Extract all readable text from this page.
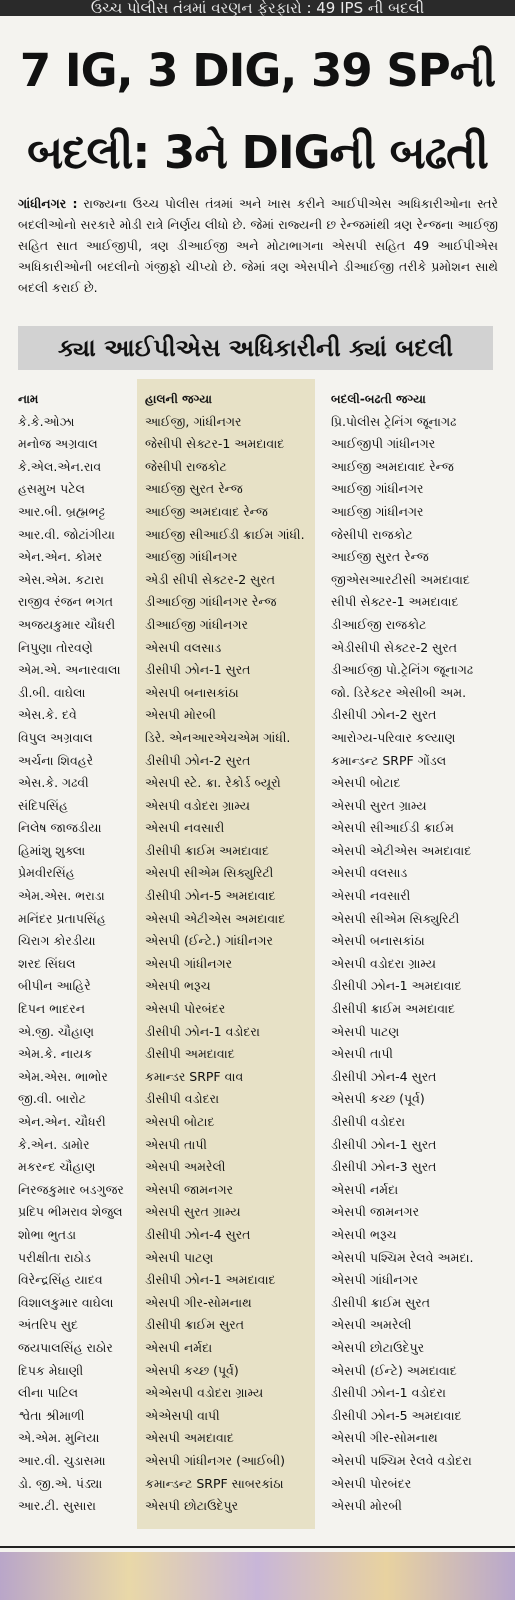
ઉચ્ચ પોલીસ તંત્રમાં વરણન ફેરફારો : 49 IPS ની બદલી
7 IG, 3 DIG, 39 SPની
બદલી: 3ને DIGની બઢતી
ગાંધીનગર : રાજ્યના ઉચ્ચ પોલીસ તંત્રમાં અને ખાસ કરીને આઈપીએસ અધિકારીઓના સ્તરે બદલીઓનો સરકારે મોડી રાત્રે નિર્ણય લીધો છે. જેમાં રાજ્યની છ રેન્જમાંથી ત્રણ રેન્જના આઈજી સહિત સાત આઈજીપી, ત્રણ ડીઆઈજી અને મોટાભાગના એસપી સહિત 49 આઈપીએસ અધિકારીઓની બદલીનો ગંજીફો ચીપ્યો છે. જેમાં ત્રણ એસપીને ડીઆઈજી તરીકે પ્રમોશન સાથે બદલી કરાઈ છે.
ક્યા આઈપીએસ અધિકારીની ક્યાં બદલી
નામ	હાલની જગ્યા	બદલી-બઢતી જગ્યા
કે.કે.ઓઝા	આઈજી, ગાંધીનગર	પ્રિ.પોલીસ ટ્રેનિંગ જૂનાગઢ
મનોજ અગ્રવાલ	જેસીપી સેક્ટર-1 અમદાવાદ	આઈજીપી ગાંધીનગર
કે.એલ.એન.રાવ	જેસીપી રાજકોટ	આઈજી અમદાવાદ રેન્જ
હસમુખ પટેલ	આઈજી સુરત રેન્જ	આઈજી ગાંધીનગર
આર.બી. બ્રહ્મભટ્ટ	આઈજી અમદાવાદ રેન્જ	આઈજી ગાંધીનગર
આર.વી. જોટાંગીયા	આઈજી સીઆઈડી ક્રાઈમ ગાંધી.	જેસીપી રાજકોટ
એન.એન. કોમર	આઈજી ગાંધીનગર	આઈજી સુરત રેન્જ
એસ.એમ. કટારા	એડી સીપી સેક્ટર-2 સુરત	જીએસઆરટીસી અમદાવાદ
રાજીવ રંજન ભગત	ડીઆઈજી ગાંધીનગર રેન્જ	સીપી સેક્ટર-1 અમદાવાદ
અજયકુમાર ચૌધરી	ડીઆઈજી ગાંધીનગર	ડીઆઈજી રાજકોટ
નિપુણા તોરવણે	એસપી વલસાડ	એડીસીપી સેક્ટર-2 સુરત
એમ.એ. અનારવાલા	ડીસીપી ઝોન-1 સુરત	ડીઆઈજી પો.ટ્રેનિંગ જૂનાગઢ
ડી.બી. વાઘેલા	એસપી બનાસકાંઠા	જો. ડિરેક્ટર એસીબી અમ.
એસ.કે. દવે	એસપી મોરબી	ડીસીપી ઝોન-2 સુરત
વિપુલ અગ્રવાલ	ડિરે. એનઆરએચએમ ગાંધી.	આરોગ્ય-પરિવાર કલ્યાણ
અર્ચના શિવહરે	ડીસીપી ઝોન-2 સુરત	કમાન્ડન્ટ SRPF ગોંડલ
એસ.કે. ગઢવી	એસપી સ્ટે. ક્રા. રેકોર્ડ બ્યૂરો	એસપી બોટાદ
સંદિપસિંહ	એસપી વડોદરા ગ્રામ્ય	એસપી સુરત ગ્રામ્ય
નિલેષ જાજડીયા	એસપી નવસારી	એસપી સીઆઈડી ક્રાઈમ
હિમાંશુ શુક્લા	ડીસીપી ક્રાઈમ અમદાવાદ	એસપી એટીએસ અમદાવાદ
પ્રેમવીરસિંહ	એસપી સીએમ સિક્યુરિટી	એસપી વલસાડ
એમ.એસ. ભરાડા	ડીસીપી ઝોન-5 અમદાવાદ	એસપી નવસારી
મનિંદર પ્રતાપસિંહ	એસપી એટીએસ અમદાવાદ	એસપી સીએમ સિક્યુરિટી
ચિરાગ કોરડીયા	એસપી (ઈન્ટે.) ગાંધીનગર	એસપી બનાસકાંઠા
શરદ સિંઘલ	એસપી ગાંધીનગર	એસપી વડોદરા ગ્રામ્ય
બીપીન આહિરે	એસપી ભરૂચ	ડીસીપી ઝોન-1 અમદાવાદ
દિપન ભાદરન	એસપી પોરબંદર	ડીસીપી ક્રાઈમ અમદાવાદ
એ.જી. ચૌહાણ	ડીસીપી ઝોન-1 વડોદરા	એસપી પાટણ
એમ.કે. નાયક	ડીસીપી અમદાવાદ	એસપી તાપી
એમ.એસ. ભાભોર	કમાન્ડર SRPF વાવ	ડીસીપી ઝોન-4 સુરત
જી.વી. બારોટ	ડીસીપી વડોદરા	એસપી કચ્છ (પૂર્વ)
એન.એન. ચૌધરી	એસપી બોટાદ	ડીસીપી વડોદરા
કે.એન. ડામોર	એસપી તાપી	ડીસીપી ઝોન-1 સુરત
મકરન્દ ચૌહાણ	એસપી અમરેલી	ડીસીપી ઝોન-3 સુરત
નિરજકુમાર બડગુજર	એસપી જામનગર	એસપી નર્મદા
પ્રદિપ ભીમરાવ શેજુલ	એસપી સુરત ગ્રામ્ય	એસપી જામનગર
શોભા ભુતડા	ડીસીપી ઝોન-4 સુરત	એસપી ભરૂચ
પરીક્ષીતા રાઠોડ	એસપી પાટણ	એસપી પશ્ચિમ રેલવે અમદા.
વિરેન્દ્રસિંહ યાદવ	ડીસીપી ઝોન-1 અમદાવાદ	એસપી ગાંધીનગર
વિશાલકુમાર વાઘેલા	એસપી ગીર-સોમનાથ	ડીસીપી ક્રાઈમ સુરત
અંતરિપ સુદ	ડીસીપી ક્રાઈમ સુરત	એસપી અમરેલી
જયપાલસિંહ રાઠોર	એસપી નર્મદા	એસપી છોટાઉદેપુર
દિપક મેઘાણી	એસપી કચ્છ (પૂર્વ)	એસપી (ઈન્ટે) અમદાવાદ
લીના પાટિલ	એએસપી વડોદરા ગ્રામ્ય	ડીસીપી ઝોન-1 વડોદરા
શ્વેતા શ્રીમાળી	એએસપી વાપી	ડીસીપી ઝોન-5 અમદાવાદ
એ.એમ. મુનિયા	એસપી અમદાવાદ	એસપી ગીર-સોમનાથ
આર.વી. ચુડાસમા	એસપી ગાંધીનગર (આઈબી)	એસપી પશ્ચિમ રેલવે વડોદરા
ડો. જી.એ. પંડ્યા	કમાન્ડન્ટ SRPF સાબરકાંઠા	એસપી પોરબંદર
આર.ટી. સુસારા	એસપી છોટાઉદેપુર	એસપી મોરબી
